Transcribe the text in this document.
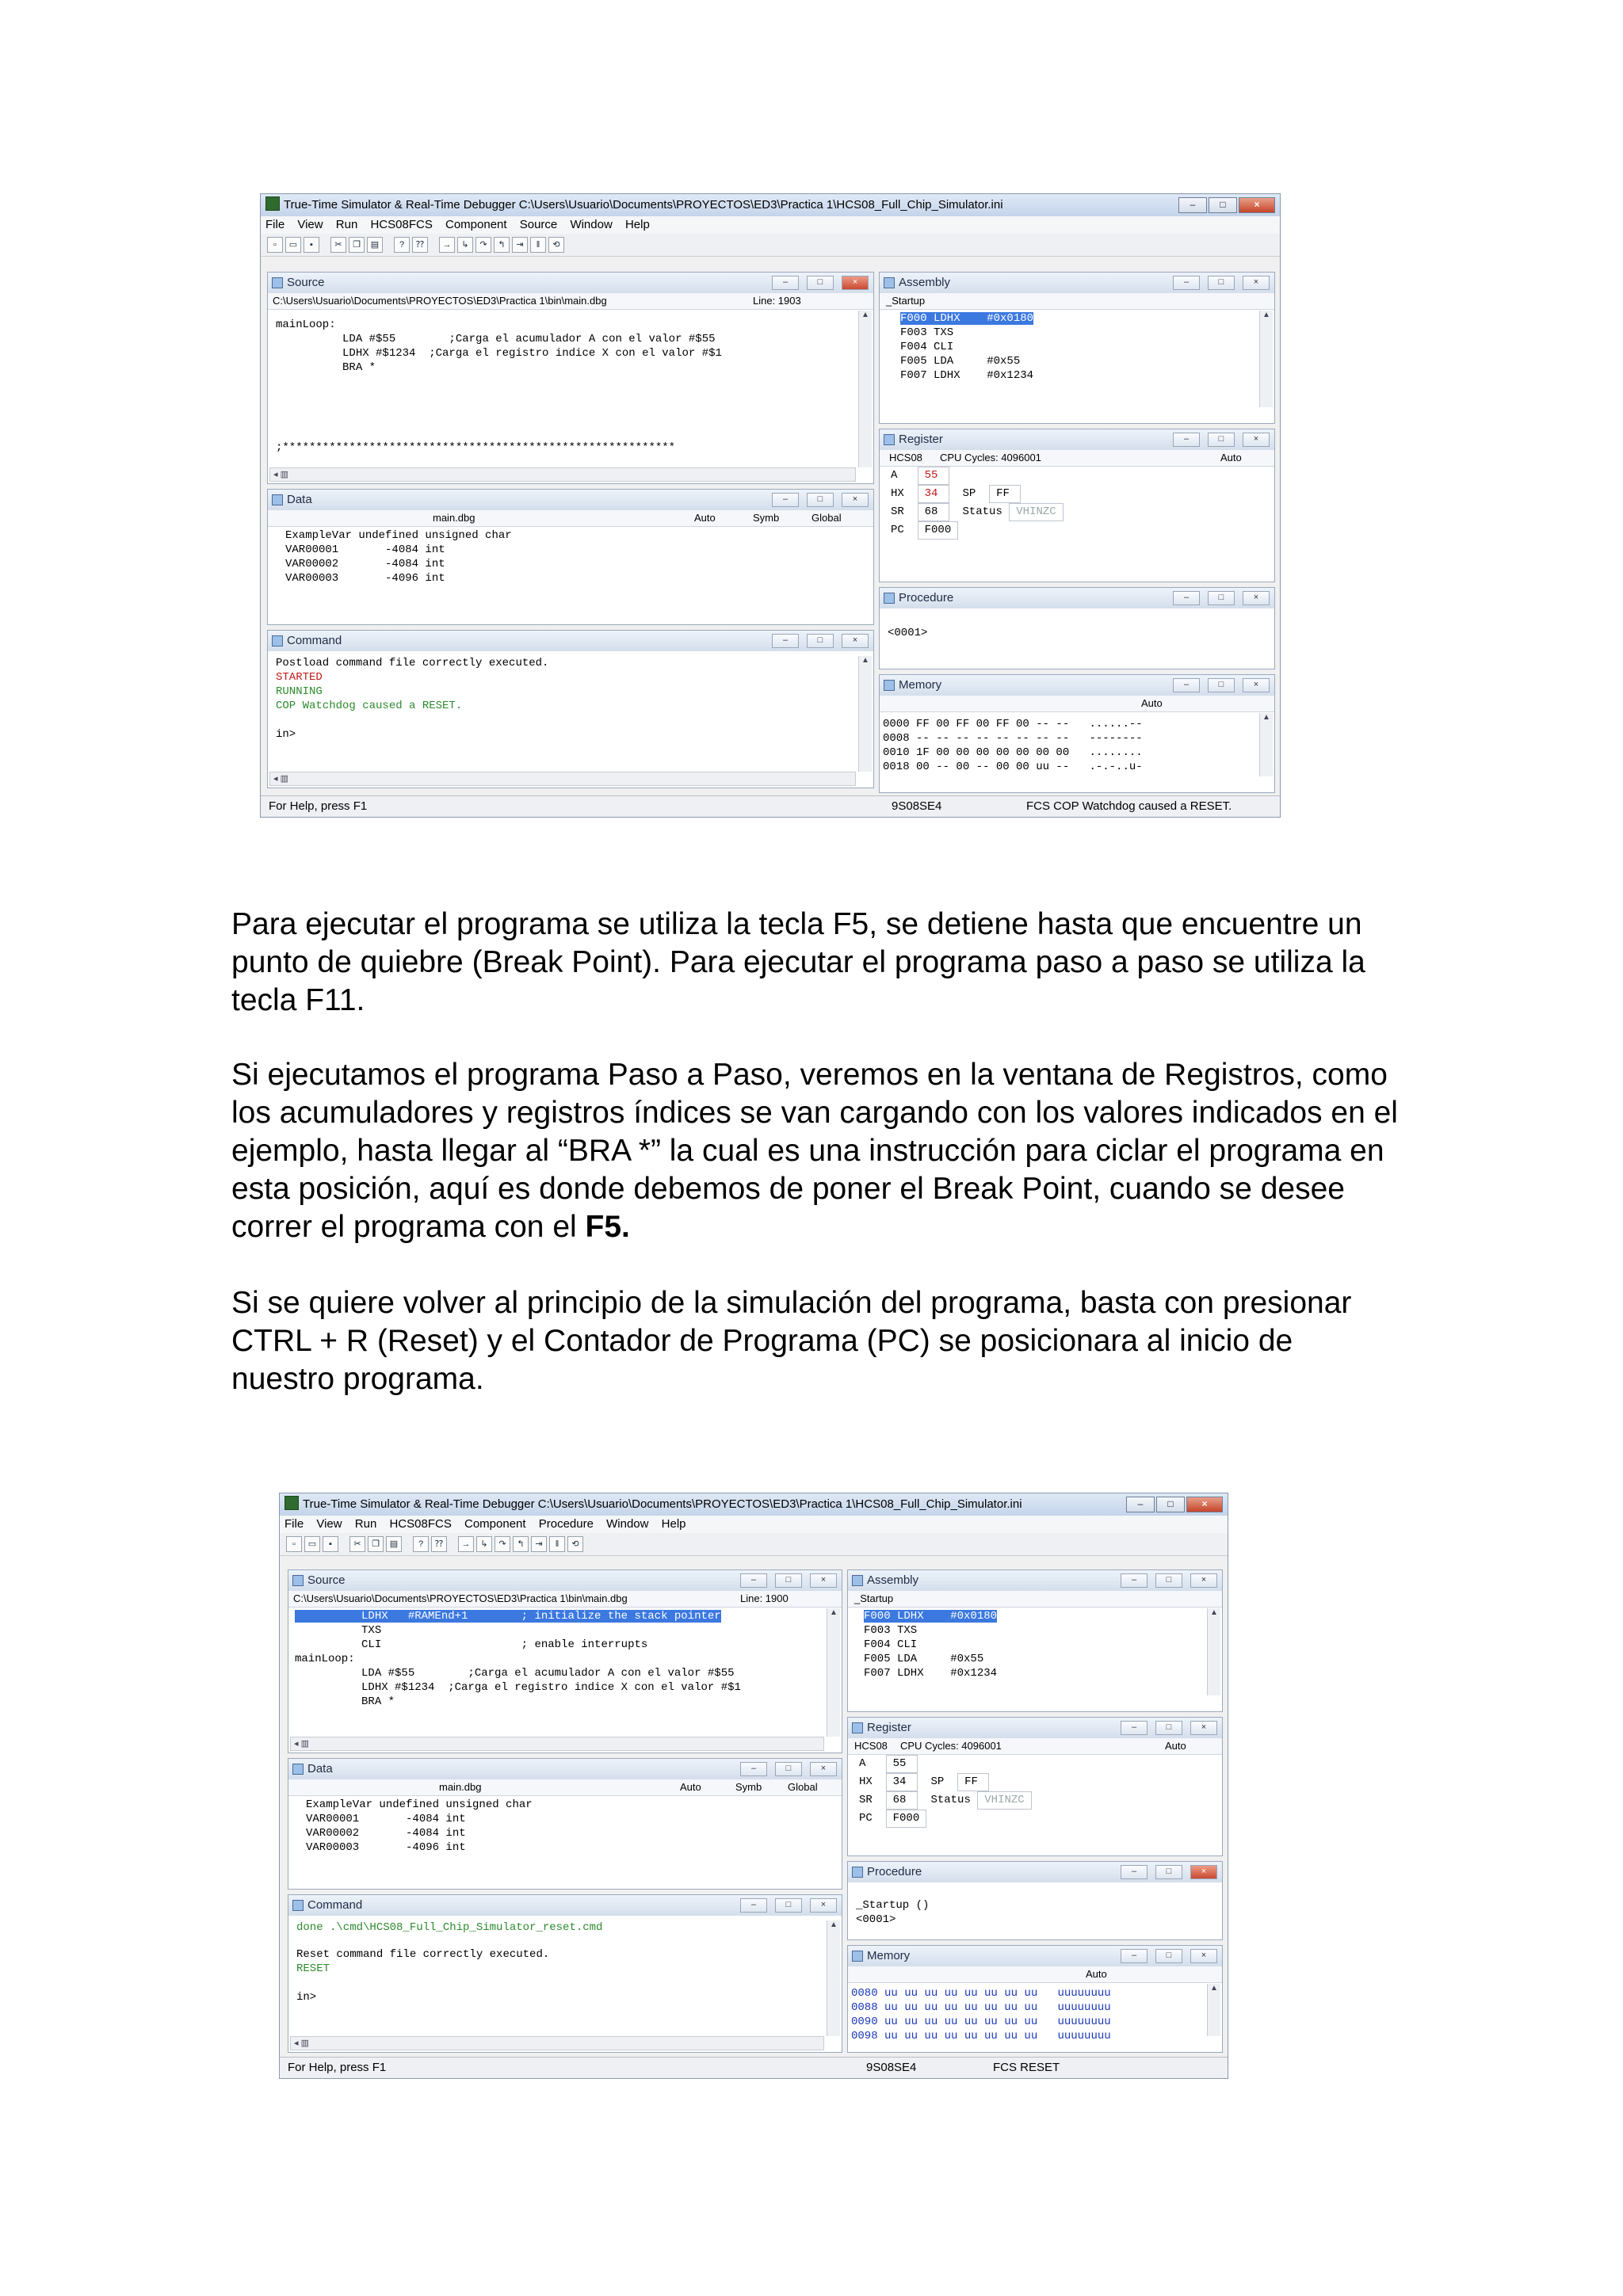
True-Time Simulator & Real-Time Debugger C:\Users\Usuario\Documents\PROYECTOS\ED3\Practica 1\HCS08_Full_Chip_Simulator.ini	–	□	×
File View Run HCS08FCS Component Source Window Help
▫	▭	▪	✂	❐	▤	?	⁇	→	↳	↷	↰	⇥	‖	⟲
Source	–	□	×
C:\Users\Usuario\Documents\PROYECTOS\ED3\Practica 1\bin\main.dbg	Line: 1903
mainLoop:
LDA #$55        ;Carga el acumulador A con el valor #$55
LDHX #$1234  ;Carga el registro indice X con el valor #$1
BRA *
;***********************************************************
▲
◂ ▥
Data	–	□	×
main.dbg	Auto	Symb	Global
ExampleVar undefined unsigned char
VAR00001       -4084 int
VAR00002       -4084 int
VAR00003       -4096 int
Command	–	□	×
Postload command file correctly executed.
STARTED
RUNNING
COP Watchdog caused a RESET.
in>
▲
◂ ▥
Assembly	–	□	×
_Startup
F000 LDHX    #0x0180
F003 TXS
F004 CLI
F005 LDA     #0x55
F007 LDHX    #0x1234
▲
Register	–	□	×
HCS08 CPU Cycles: 4096001	Auto
A 55
HX 34 SP FF
SR 68 Status VHINZC
PC F000
Procedure	–	□	×
<0001>
Memory	–	□	×
Auto
0000 FF 00 FF 00 FF 00 -- --   ......--
0008 -- -- -- -- -- -- -- --   --------
0010 1F 00 00 00 00 00 00 00   ........
0018 00 -- 00 -- 00 00 uu --   .-.-..u-
▲
For Help, press F1	9S08SE4	FCS COP Watchdog caused a RESET.

Para ejecutar el programa se utiliza la tecla F5, se detiene hasta que encuentre un punto de quiebre (Break Point). Para ejecutar el programa paso a paso se utiliza la tecla F11.

Si ejecutamos el programa Paso a Paso, veremos en la ventana de Registros, como los acumuladores y registros índices se van cargando con los valores indicados en el ejemplo, hasta llegar al “BRA *” la cual es una instrucción para ciclar el programa en esta posición, aquí es donde debemos de poner el Break Point, cuando se desee correr el programa con el F5.

Si se quiere volver al principio de la simulación del programa, basta con presionar CTRL + R (Reset) y el Contador de Programa (PC) se posicionara al inicio de nuestro programa.

True-Time Simulator & Real-Time Debugger C:\Users\Usuario\Documents\PROYECTOS\ED3\Practica 1\HCS08_Full_Chip_Simulator.ini	–	□	×
File View Run HCS08FCS Component Procedure Window Help
▫	▭	▪	✂	❐	▤	?	⁇	→	↳	↷	↰	⇥	‖	⟲
Source	–	□	×
C:\Users\Usuario\Documents\PROYECTOS\ED3\Practica 1\bin\main.dbg	Line: 1900
LDHX   #RAMEnd+1        ; initialize the stack pointer
TXS
CLI                     ; enable interrupts
mainLoop:
LDA #$55        ;Carga el acumulador A con el valor #$55
LDHX #$1234  ;Carga el registro indice X con el valor #$1
BRA *
▲
◂ ▥
Data	–	□	×
main.dbg	Auto	Symb	Global
ExampleVar undefined unsigned char
VAR00001       -4084 int
VAR00002       -4084 int
VAR00003       -4096 int
Command	–	□	×
done .\cmd\HCS08_Full_Chip_Simulator_reset.cmd
Reset command file correctly executed.
RESET
in>
▲
◂ ▥
Assembly	–	□	×
_Startup
F000 LDHX    #0x0180
F003 TXS
F004 CLI
F005 LDA     #0x55
F007 LDHX    #0x1234
▲
Register	–	□	×
HCS08 CPU Cycles: 4096001	Auto
A 55
HX 34 SP FF
SR 68 Status VHINZC
PC F000
Procedure	–	□	×
_Startup ()
<0001>
Memory	–	□	×
Auto
0080 uu uu uu uu uu uu uu uu   uuuuuuuu
0088 uu uu uu uu uu uu uu uu   uuuuuuuu
0090 uu uu uu uu uu uu uu uu   uuuuuuuu
0098 uu uu uu uu uu uu uu uu   uuuuuuuu
▲
For Help, press F1	9S08SE4	FCS RESET
